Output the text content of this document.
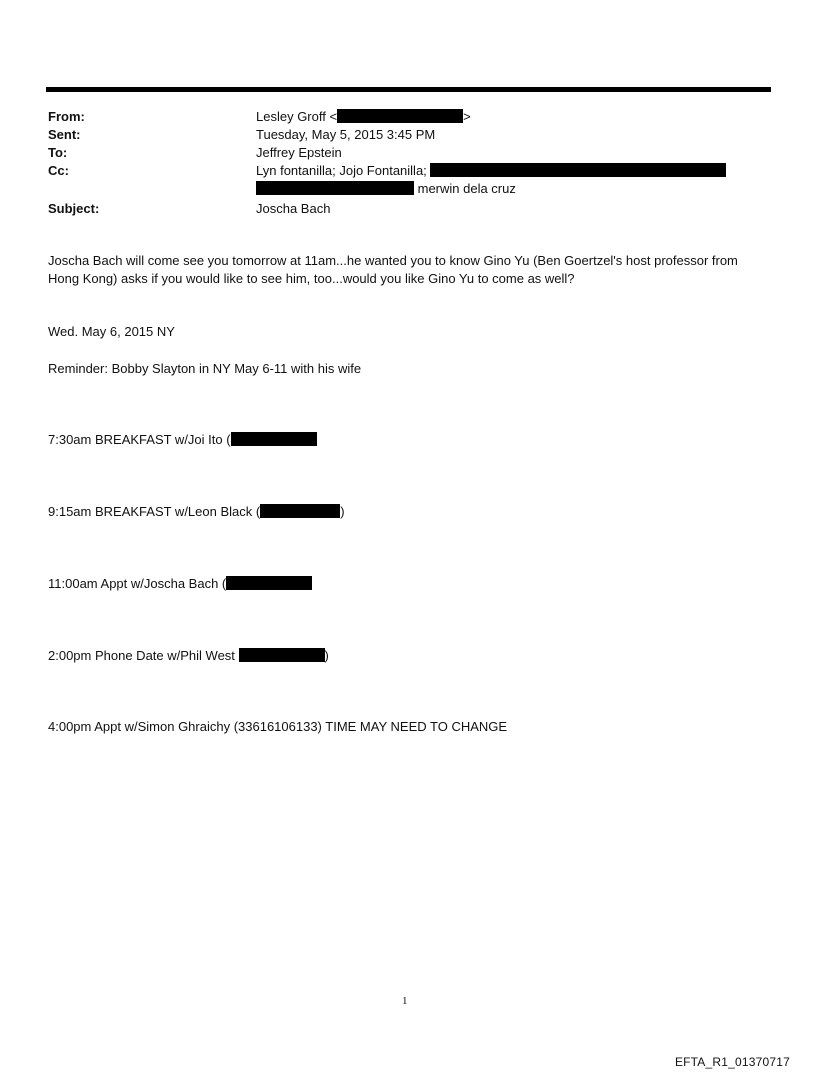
From:	Lesley Groff <	>
Sent:	Tuesday, May 5, 2015 3:45 PM
To:	Jeffrey Epstein
Cc:	Lyn fontanilla; Jojo Fontanilla;
merwin dela cruz
Subject:	Joscha Bach
Joscha Bach will come see you tomorrow at 11am...he wanted you to know Gino Yu (Ben Goertzel's host professor from
Hong Kong) asks if you would like to see him, too...would you like Gino Yu to come as well?
Wed. May 6, 2015 NY
Reminder: Bobby Slayton in NY May 6-11 with his wife
7:30am BREAKFAST w/Joi Ito (
9:15am BREAKFAST w/Leon Black (	)
11:00am Appt w/Joscha Bach (
2:00pm Phone Date w/Phil West	)
4:00pm Appt w/Simon Ghraichy (33616106133) TIME MAY NEED TO CHANGE
1
EFTA_R1_01370717
